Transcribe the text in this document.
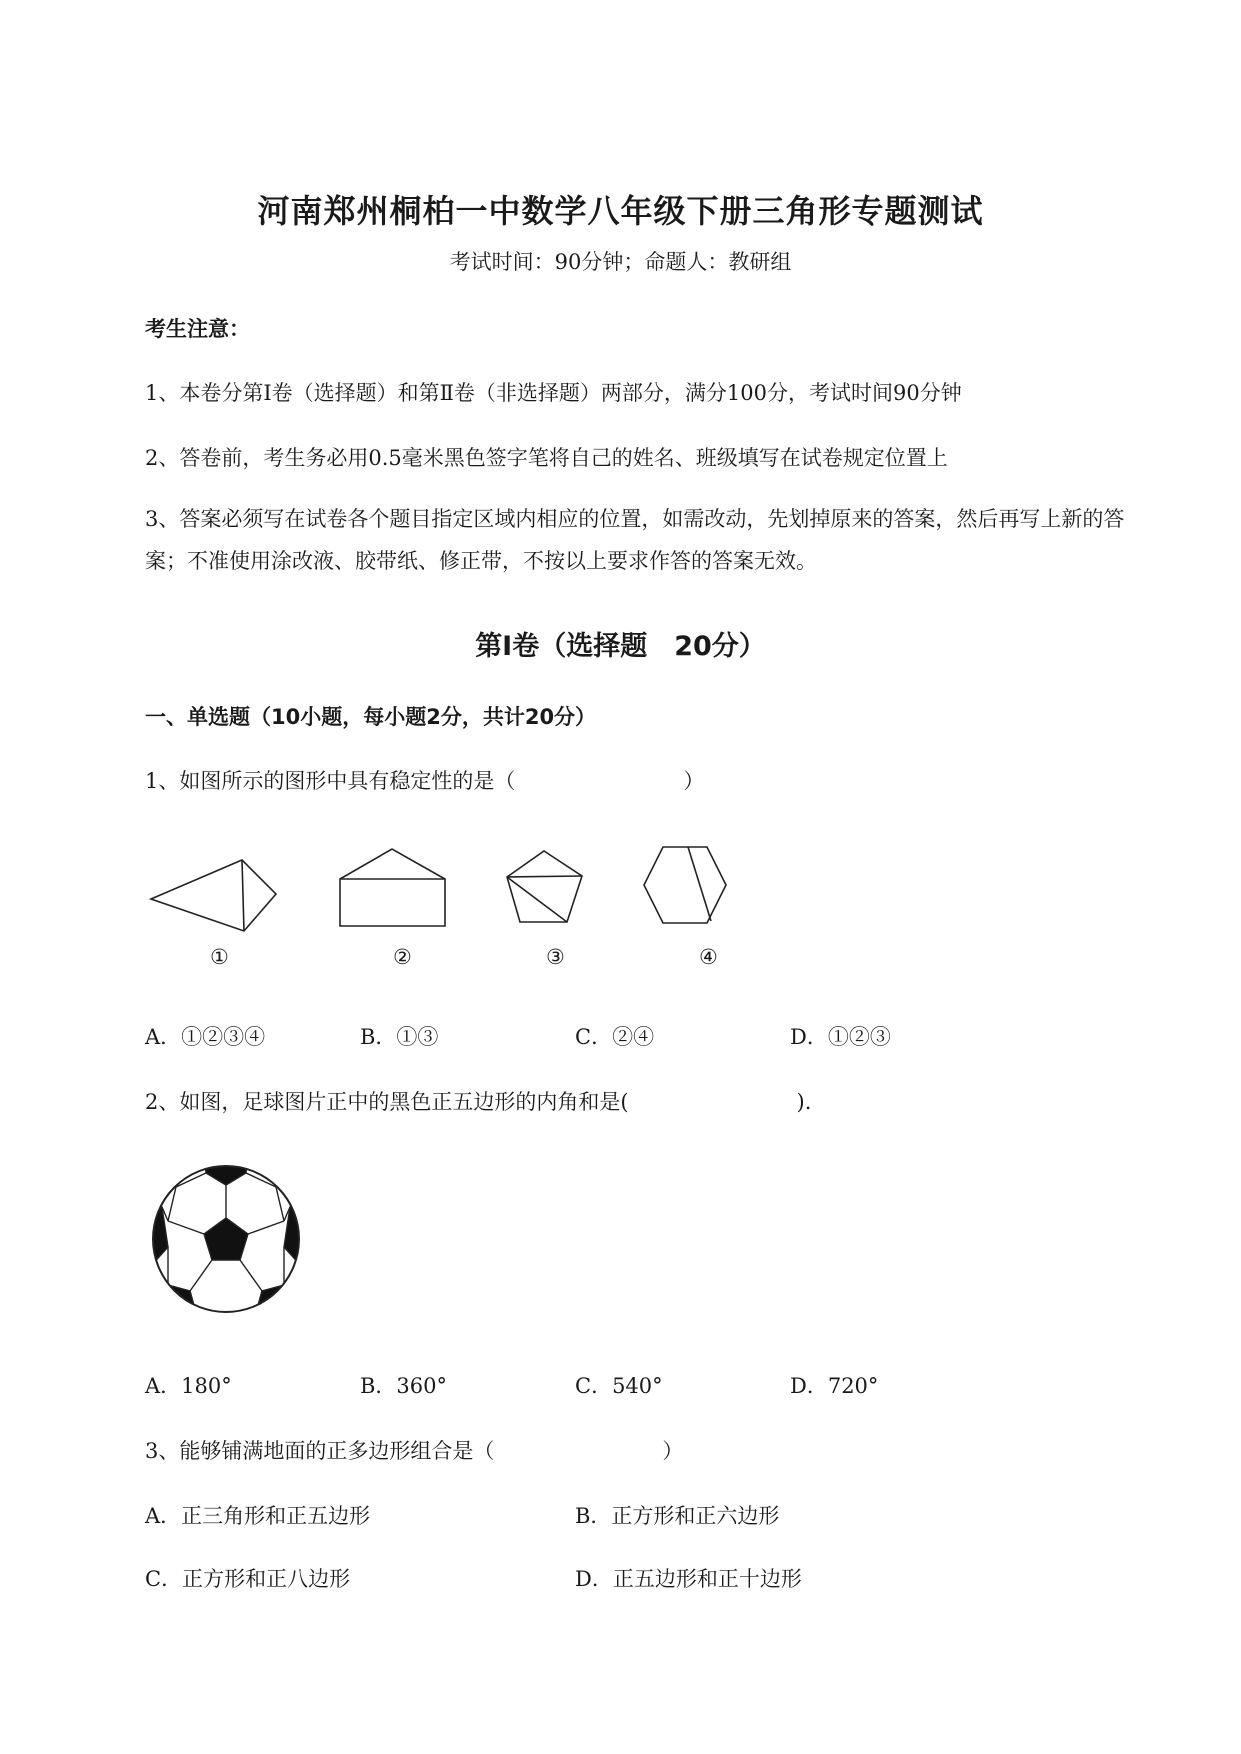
河南郑州桐柏一中数学八年级下册三角形专题测试
考试时间：90分钟；命题人：教研组
考生注意：
1、本卷分第I卷（选择题）和第Ⅱ卷（非选择题）两部分，满分100分，考试时间90分钟
2、答卷前，考生务必用0.5毫米黑色签字笔将自己的姓名、班级填写在试卷规定位置上
3、答案必须写在试卷各个题目指定区域内相应的位置，如需改动，先划掉原来的答案，然后再写上新的答案；不准使用涂改液、胶带纸、修正带，不按以上要求作答的答案无效。
第I卷（选择题　20分）
一、单选题（10小题，每小题2分，共计20分）
1、如图所示的图形中具有稳定性的是（　　　　　　　　）
①	②	③	④
A．①②③④	B．①③	C．②④	D．①②③
2、如图，足球图片正中的黑色正五边形的内角和是(　　　　　　　　).
A．180°	B．360°	C．540°	D．720°
3、能够铺满地面的正多边形组合是（　　　　　　　　）
A．正三角形和正五边形	B．正方形和正六边形
C．正方形和正八边形	D．正五边形和正十边形
